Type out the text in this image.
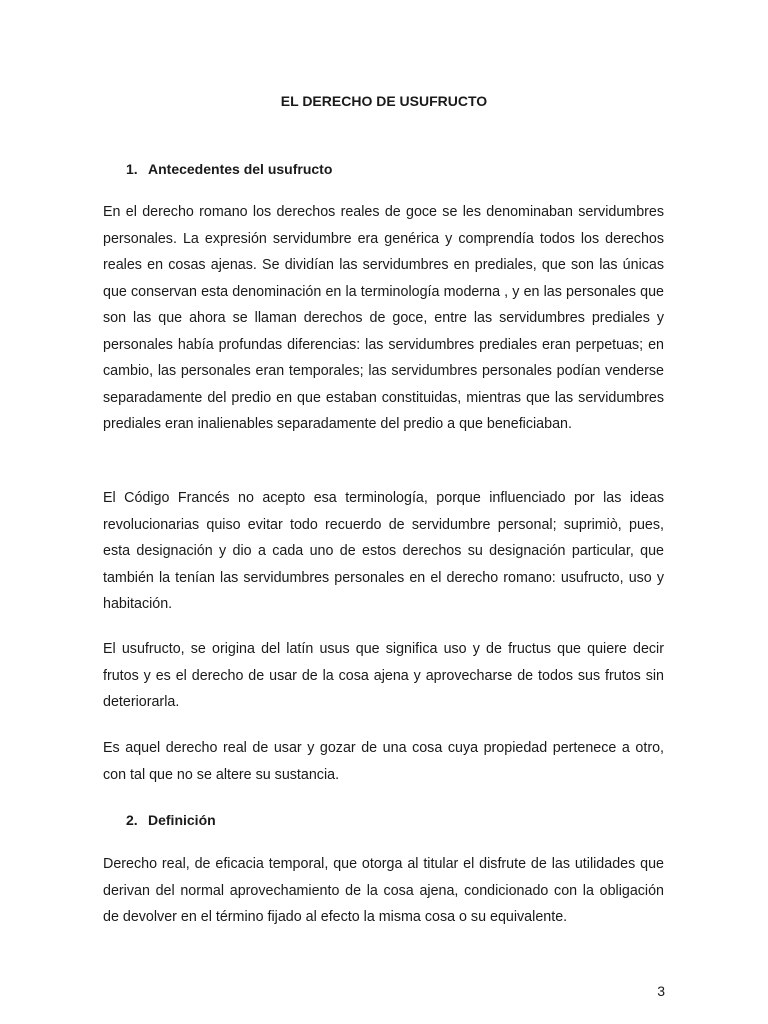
EL DERECHO DE USUFRUCTO
1. Antecedentes del usufructo

En el derecho romano los derechos reales de goce se les denominaban servidumbres personales. La expresión servidumbre era genérica y comprendía todos los derechos reales en cosas ajenas. Se dividían las servidumbres en prediales, que son las únicas que conservan esta denominación en la terminología moderna , y en las personales que son las que ahora se llaman derechos de goce, entre las servidumbres prediales y personales había profundas diferencias: las servidumbres prediales eran perpetuas; en cambio, las personales eran temporales; las servidumbres personales podían venderse separadamente del predio en que estaban constituidas, mientras que las servidumbres prediales eran inalienables separadamente del predio a que beneficiaban.

El Código Francés no acepto esa terminología, porque influenciado por las ideas revolucionarias quiso evitar todo recuerdo de servidumbre personal; suprimiò, pues, esta designación y dio a cada uno de estos derechos su designación particular, que también la tenían las servidumbres personales en el derecho romano: usufructo, uso y habitación.

El usufructo, se origina del latín usus que significa uso y de fructus que quiere decir frutos y es el derecho de usar de la cosa ajena y aprovecharse de todos sus frutos sin deteriorarla.

Es aquel derecho real de usar y gozar de una cosa cuya propiedad pertenece a otro, con tal que no se altere su sustancia.

2. Definición

Derecho real, de eficacia temporal, que otorga al titular el disfrute de las utilidades que derivan del normal aprovechamiento de la cosa ajena, condicionado con la obligación de devolver en el término fijado al efecto la misma cosa o su equivalente.

3
